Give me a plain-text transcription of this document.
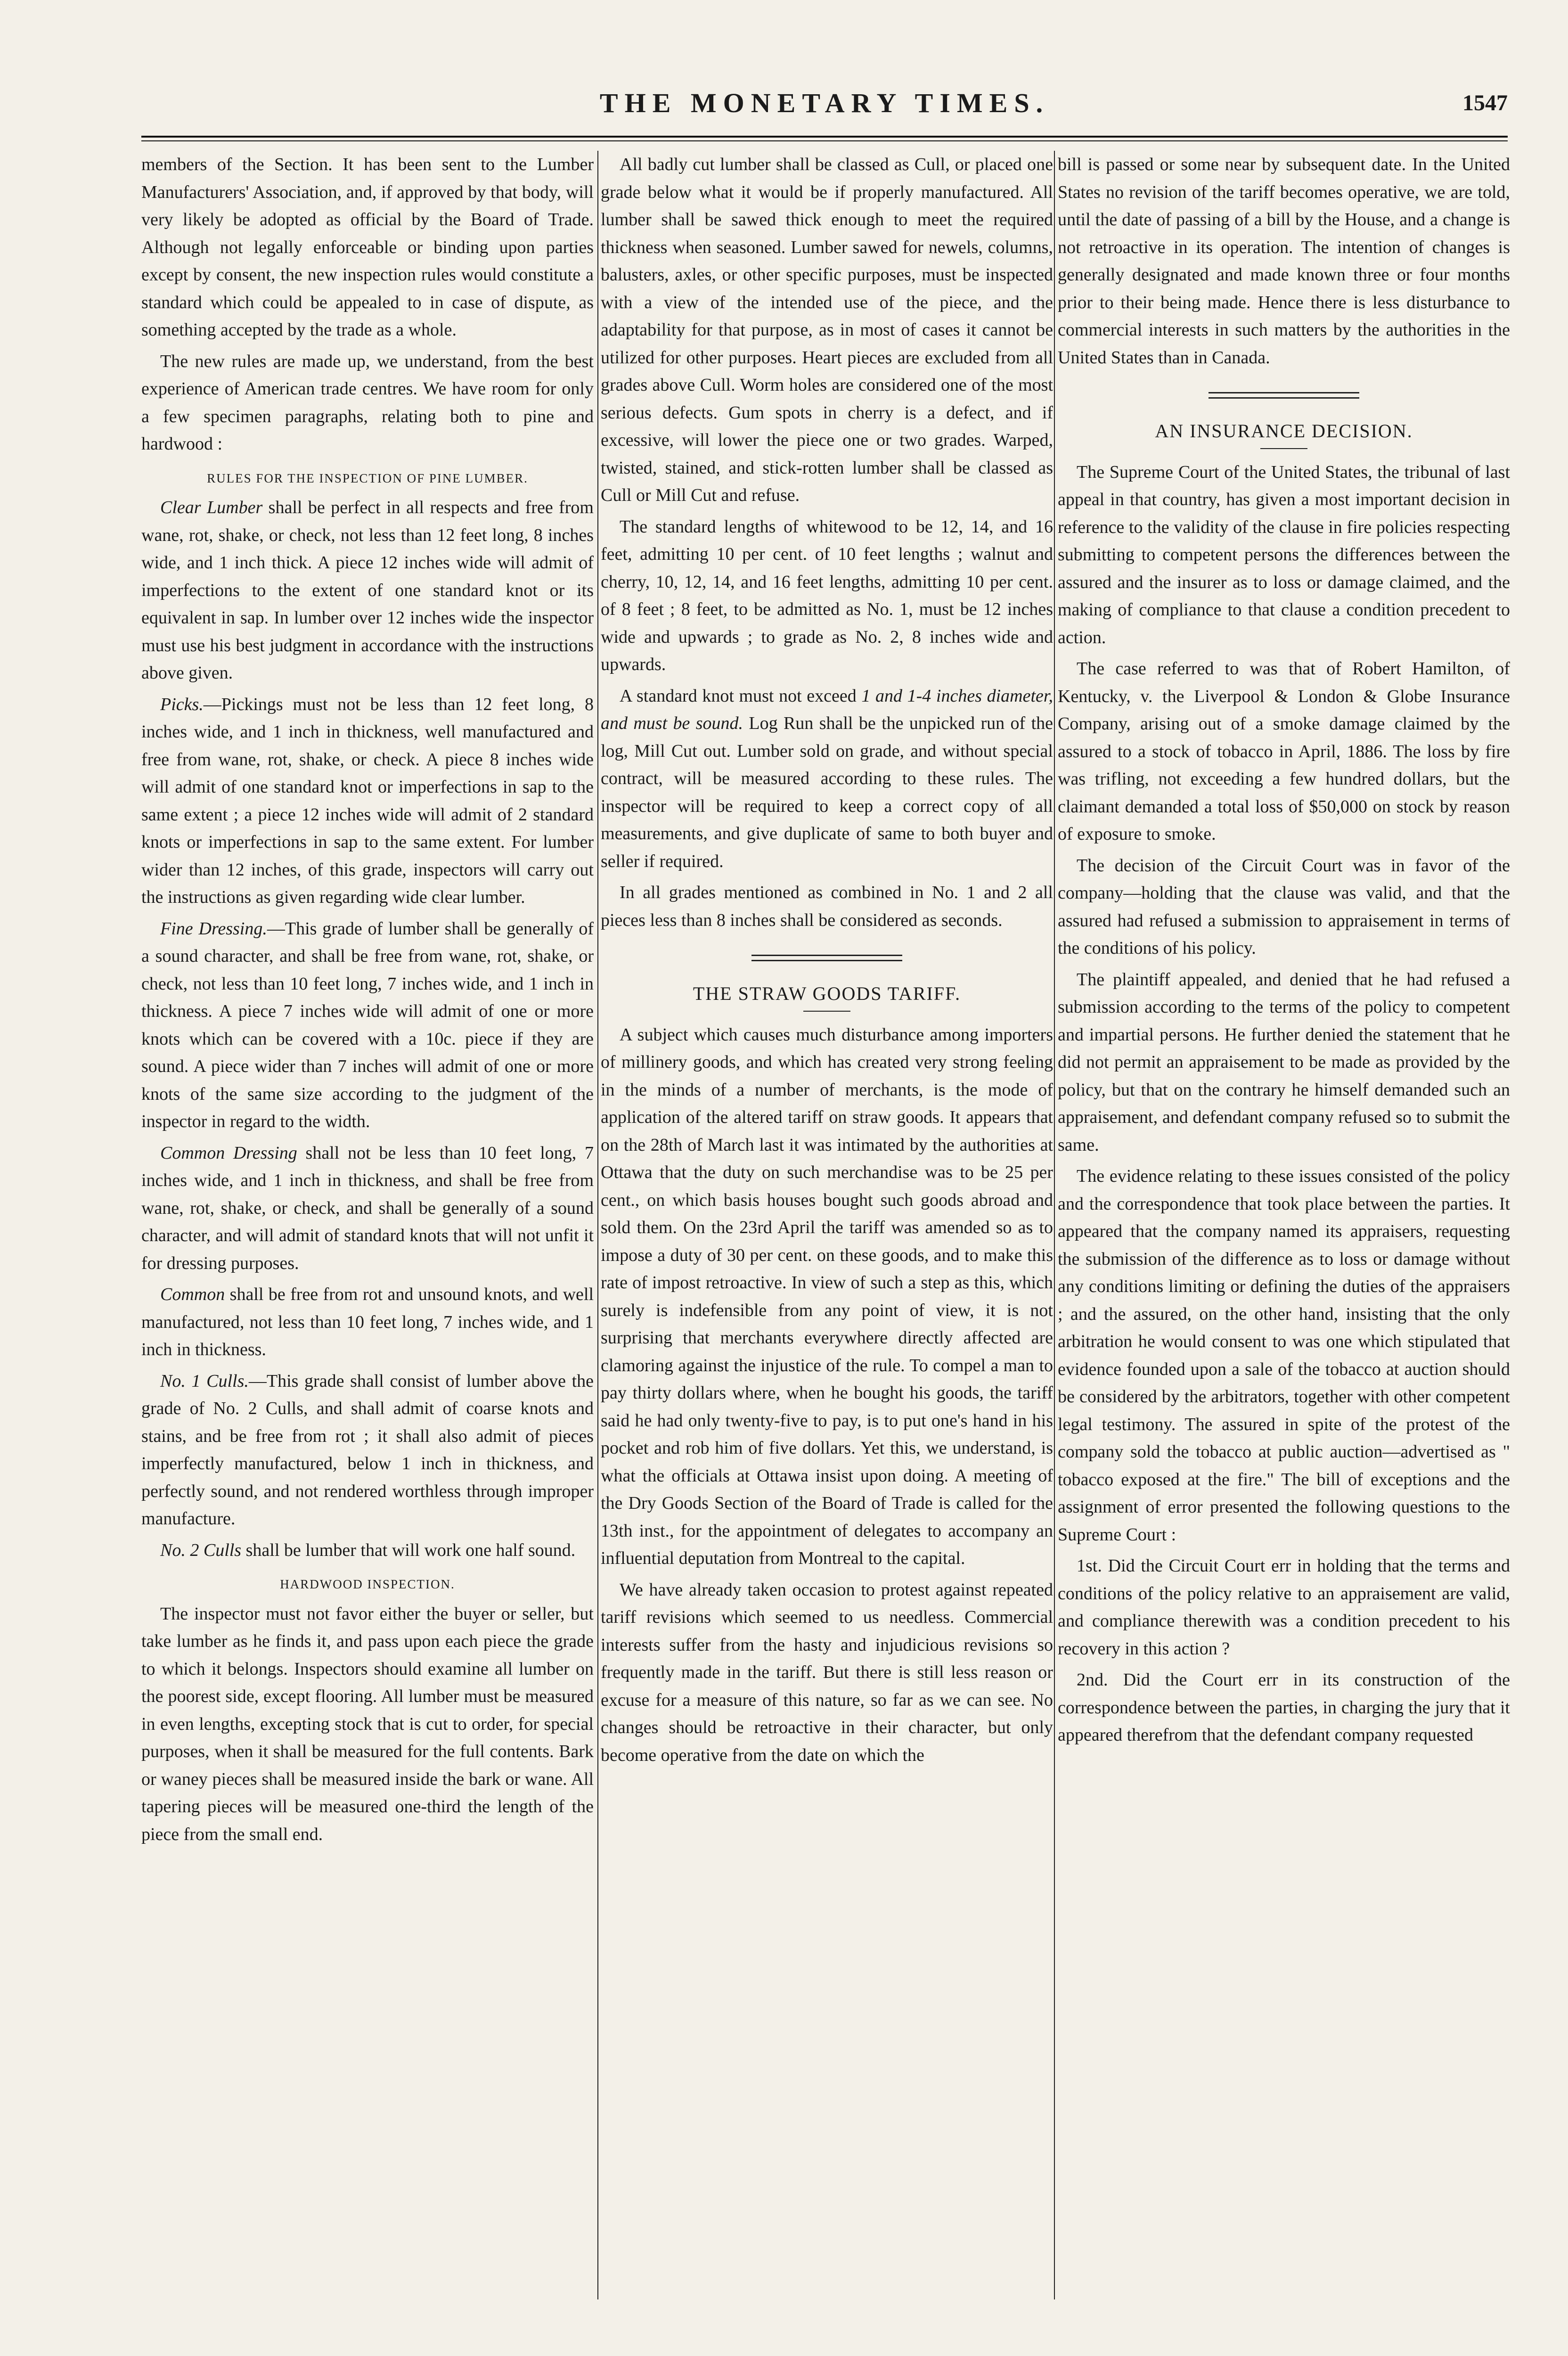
THE MONETARY TIMES.	1547

members of the Section. It has been sent to the Lumber Manufacturers' Association, and, if approved by that body, will very likely be adopted as official by the Board of Trade. Although not legally enforceable or binding upon parties except by consent, the new inspection rules would constitute a standard which could be appealed to in case of dispute, as something accepted by the trade as a whole.

The new rules are made up, we understand, from the best experience of American trade centres. We have room for only a few specimen paragraphs, relating both to pine and hardwood :

RULES FOR THE INSPECTION OF PINE LUMBER.

Clear Lumber shall be perfect in all respects and free from wane, rot, shake, or check, not less than 12 feet long, 8 inches wide, and 1 inch thick. A piece 12 inches wide will admit of imperfections to the extent of one standard knot or its equivalent in sap. In lumber over 12 inches wide the inspector must use his best judgment in accordance with the instructions above given.

Picks.—Pickings must not be less than 12 feet long, 8 inches wide, and 1 inch in thickness, well manufactured and free from wane, rot, shake, or check. A piece 8 inches wide will admit of one standard knot or imperfections in sap to the same extent ; a piece 12 inches wide will admit of 2 standard knots or imperfections in sap to the same extent. For lumber wider than 12 inches, of this grade, inspectors will carry out the instructions as given regarding wide clear lumber.

Fine Dressing.—This grade of lumber shall be generally of a sound character, and shall be free from wane, rot, shake, or check, not less than 10 feet long, 7 inches wide, and 1 inch in thickness. A piece 7 inches wide will admit of one or more knots which can be covered with a 10c. piece if they are sound. A piece wider than 7 inches will admit of one or more knots of the same size according to the judgment of the inspector in regard to the width.

Common Dressing shall not be less than 10 feet long, 7 inches wide, and 1 inch in thickness, and shall be free from wane, rot, shake, or check, and shall be generally of a sound character, and will admit of standard knots that will not unfit it for dressing purposes.

Common shall be free from rot and unsound knots, and well manufactured, not less than 10 feet long, 7 inches wide, and 1 inch in thickness.

No. 1 Culls.—This grade shall consist of lumber above the grade of No. 2 Culls, and shall admit of coarse knots and stains, and be free from rot ; it shall also admit of pieces imperfectly manufactured, below 1 inch in thickness, and perfectly sound, and not rendered worthless through improper manufacture.

No. 2 Culls shall be lumber that will work one half sound.

HARDWOOD INSPECTION.

The inspector must not favor either the buyer or seller, but take lumber as he finds it, and pass upon each piece the grade to which it belongs. Inspectors should examine all lumber on the poorest side, except flooring. All lumber must be measured in even lengths, excepting stock that is cut to order, for special purposes, when it shall be measured for the full contents. Bark or waney pieces shall be measured inside the bark or wane. All tapering pieces will be measured one-third the length of the piece from the small end.

All badly cut lumber shall be classed as Cull, or placed one grade below what it would be if properly manufactured. All lumber shall be sawed thick enough to meet the required thickness when seasoned. Lumber sawed for newels, columns, balusters, axles, or other specific purposes, must be inspected with a view of the intended use of the piece, and the adaptability for that purpose, as in most of cases it cannot be utilized for other purposes. Heart pieces are excluded from all grades above Cull. Worm holes are considered one of the most serious defects. Gum spots in cherry is a defect, and if excessive, will lower the piece one or two grades. Warped, twisted, stained, and stick-rotten lumber shall be classed as Cull or Mill Cut and refuse.

The standard lengths of whitewood to be 12, 14, and 16 feet, admitting 10 per cent. of 10 feet lengths ; walnut and cherry, 10, 12, 14, and 16 feet lengths, admitting 10 per cent. of 8 feet ; 8 feet, to be admitted as No. 1, must be 12 inches wide and upwards ; to grade as No. 2, 8 inches wide and upwards.

A standard knot must not exceed 1 and 1-4 inches diameter, and must be sound. Log Run shall be the unpicked run of the log, Mill Cut out. Lumber sold on grade, and without special contract, will be measured according to these rules. The inspector will be required to keep a correct copy of all measurements, and give duplicate of same to both buyer and seller if required.

In all grades mentioned as combined in No. 1 and 2 all pieces less than 8 inches shall be considered as seconds.

THE STRAW GOODS TARIFF.

A subject which causes much disturbance among importers of millinery goods, and which has created very strong feeling in the minds of a number of merchants, is the mode of application of the altered tariff on straw goods. It appears that on the 28th of March last it was intimated by the authorities at Ottawa that the duty on such merchandise was to be 25 per cent., on which basis houses bought such goods abroad and sold them. On the 23rd April the tariff was amended so as to impose a duty of 30 per cent. on these goods, and to make this rate of impost retroactive. In view of such a step as this, which surely is indefensible from any point of view, it is not surprising that merchants everywhere directly affected are clamoring against the injustice of the rule. To compel a man to pay thirty dollars where, when he bought his goods, the tariff said he had only twenty-five to pay, is to put one's hand in his pocket and rob him of five dollars. Yet this, we understand, is what the officials at Ottawa insist upon doing. A meeting of the Dry Goods Section of the Board of Trade is called for the 13th inst., for the appointment of delegates to accompany an influential deputation from Montreal to the capital.

We have already taken occasion to protest against repeated tariff revisions which seemed to us needless. Commercial interests suffer from the hasty and injudicious revisions so frequently made in the tariff. But there is still less reason or excuse for a measure of this nature, so far as we can see. No changes should be retroactive in their character, but only become operative from the date on which the

bill is passed or some near by subsequent date. In the United States no revision of the tariff becomes operative, we are told, until the date of passing of a bill by the House, and a change is not retroactive in its operation. The intention of changes is generally designated and made known three or four months prior to their being made. Hence there is less disturbance to commercial interests in such matters by the authorities in the United States than in Canada.

AN INSURANCE DECISION.

The Supreme Court of the United States, the tribunal of last appeal in that country, has given a most important decision in reference to the validity of the clause in fire policies respecting submitting to competent persons the differences between the assured and the insurer as to loss or damage claimed, and the making of compliance to that clause a condition precedent to action.

The case referred to was that of Robert Hamilton, of Kentucky, v. the Liverpool & London & Globe Insurance Company, arising out of a smoke damage claimed by the assured to a stock of tobacco in April, 1886. The loss by fire was trifling, not exceeding a few hundred dollars, but the claimant demanded a total loss of $50,000 on stock by reason of exposure to smoke.

The decision of the Circuit Court was in favor of the company—holding that the clause was valid, and that the assured had refused a submission to appraisement in terms of the conditions of his policy.

The plaintiff appealed, and denied that he had refused a submission according to the terms of the policy to competent and impartial persons. He further denied the statement that he did not permit an appraisement to be made as provided by the policy, but that on the contrary he himself demanded such an appraisement, and defendant company refused so to submit the same.

The evidence relating to these issues consisted of the policy and the correspondence that took place between the parties. It appeared that the company named its appraisers, requesting the submission of the difference as to loss or damage without any conditions limiting or defining the duties of the appraisers ; and the assured, on the other hand, insisting that the only arbitration he would consent to was one which stipulated that evidence founded upon a sale of the tobacco at auction should be considered by the arbitrators, together with other competent legal testimony. The assured in spite of the protest of the company sold the tobacco at public auction—advertised as " tobacco exposed at the fire." The bill of exceptions and the assignment of error presented the following questions to the Supreme Court :

1st. Did the Circuit Court err in holding that the terms and conditions of the policy relative to an appraisement are valid, and compliance therewith was a condition precedent to his recovery in this action ?

2nd. Did the Court err in its construction of the correspondence between the parties, in charging the jury that it appeared therefrom that the defendant company requested
